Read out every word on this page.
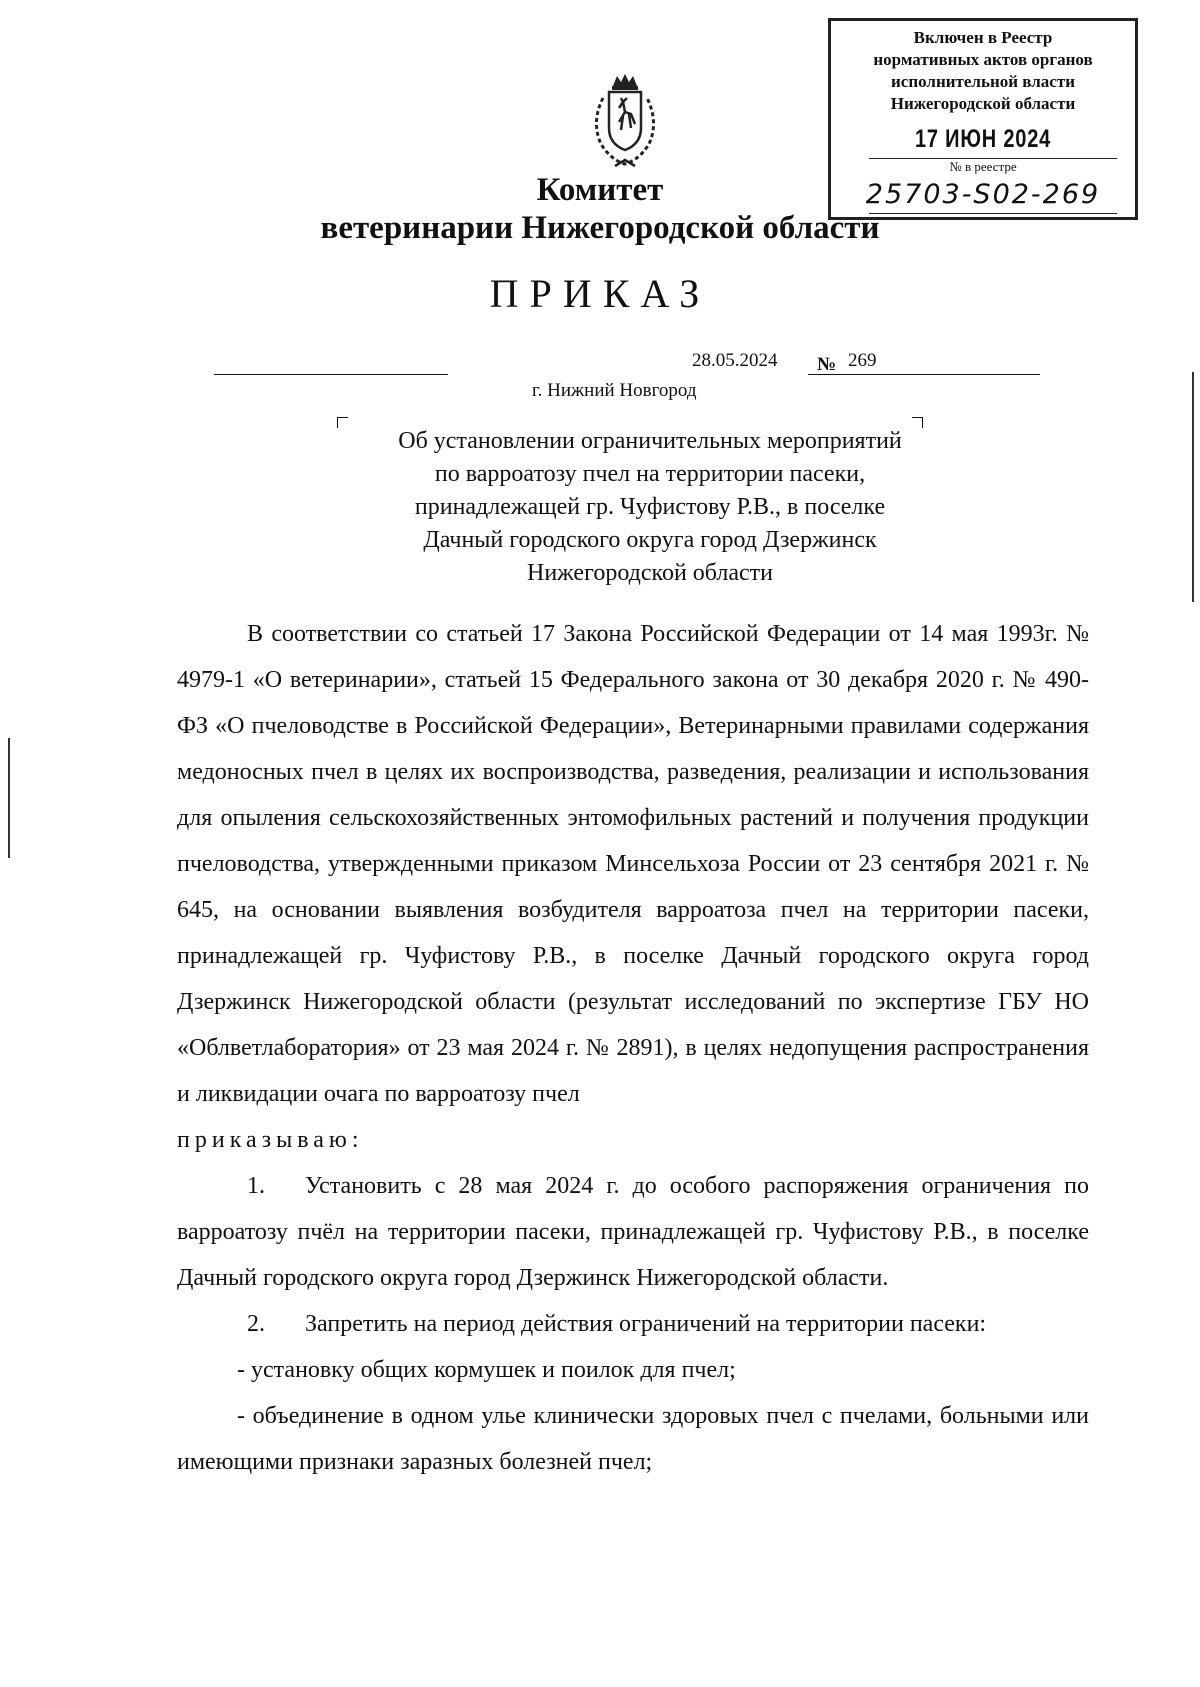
Включен в Реестр
нормативных актов органов
исполнительной власти
Нижегородской области
17 ИЮН 2024
№ в реестре
25703-S02-269
Комитет
ветеринарии Нижегородской области
ПРИКАЗ
28.05.2024 № 269
г. Нижний Новгород
Об установлении ограничительных мероприятий
по варроатозу пчел на территории пасеки,
принадлежащей гр. Чуфистову Р.В., в поселке
Дачный городского округа город Дзержинск
Нижегородской области

В соответствии со статьей 17 Закона Российской Федерации от 14 мая 1993г. № 4979-1 «О ветеринарии», статьей 15 Федерального закона от 30 декабря 2020 г. № 490-ФЗ «О пчеловодстве в Российской Федерации», Ветеринарными правилами содержания медоносных пчел в целях их воспроизводства, разведения, реализации и использования для опыления сельскохозяйственных энтомофильных растений и получения продукции пчеловодства, утвержденными приказом Минсельхоза России от 23 сентября 2021 г. № 645, на основании выявления возбудителя варроатоза пчел на территории пасеки, принадлежащей гр. Чуфистову Р.В., в поселке Дачный городского округа город Дзержинск Нижегородской области (результат исследований по экспертизе ГБУ НО «Облветлаборатория» от 23 мая 2024 г. № 2891), в целях недопущения распространения и ликвидации очага по варроатозу пчел

приказываю:

1. Установить с 28 мая 2024 г. до особого распоряжения ограничения по варроатозу пчёл на территории пасеки, принадлежащей гр. Чуфистову Р.В., в поселке Дачный городского округа город Дзержинск Нижегородской области.

2. Запретить на период действия ограничений на территории пасеки:

- установку общих кормушек и поилок для пчел;

- объединение в одном улье клинически здоровых пчел с пчелами, больными или имеющими признаки заразных болезней пчел;
